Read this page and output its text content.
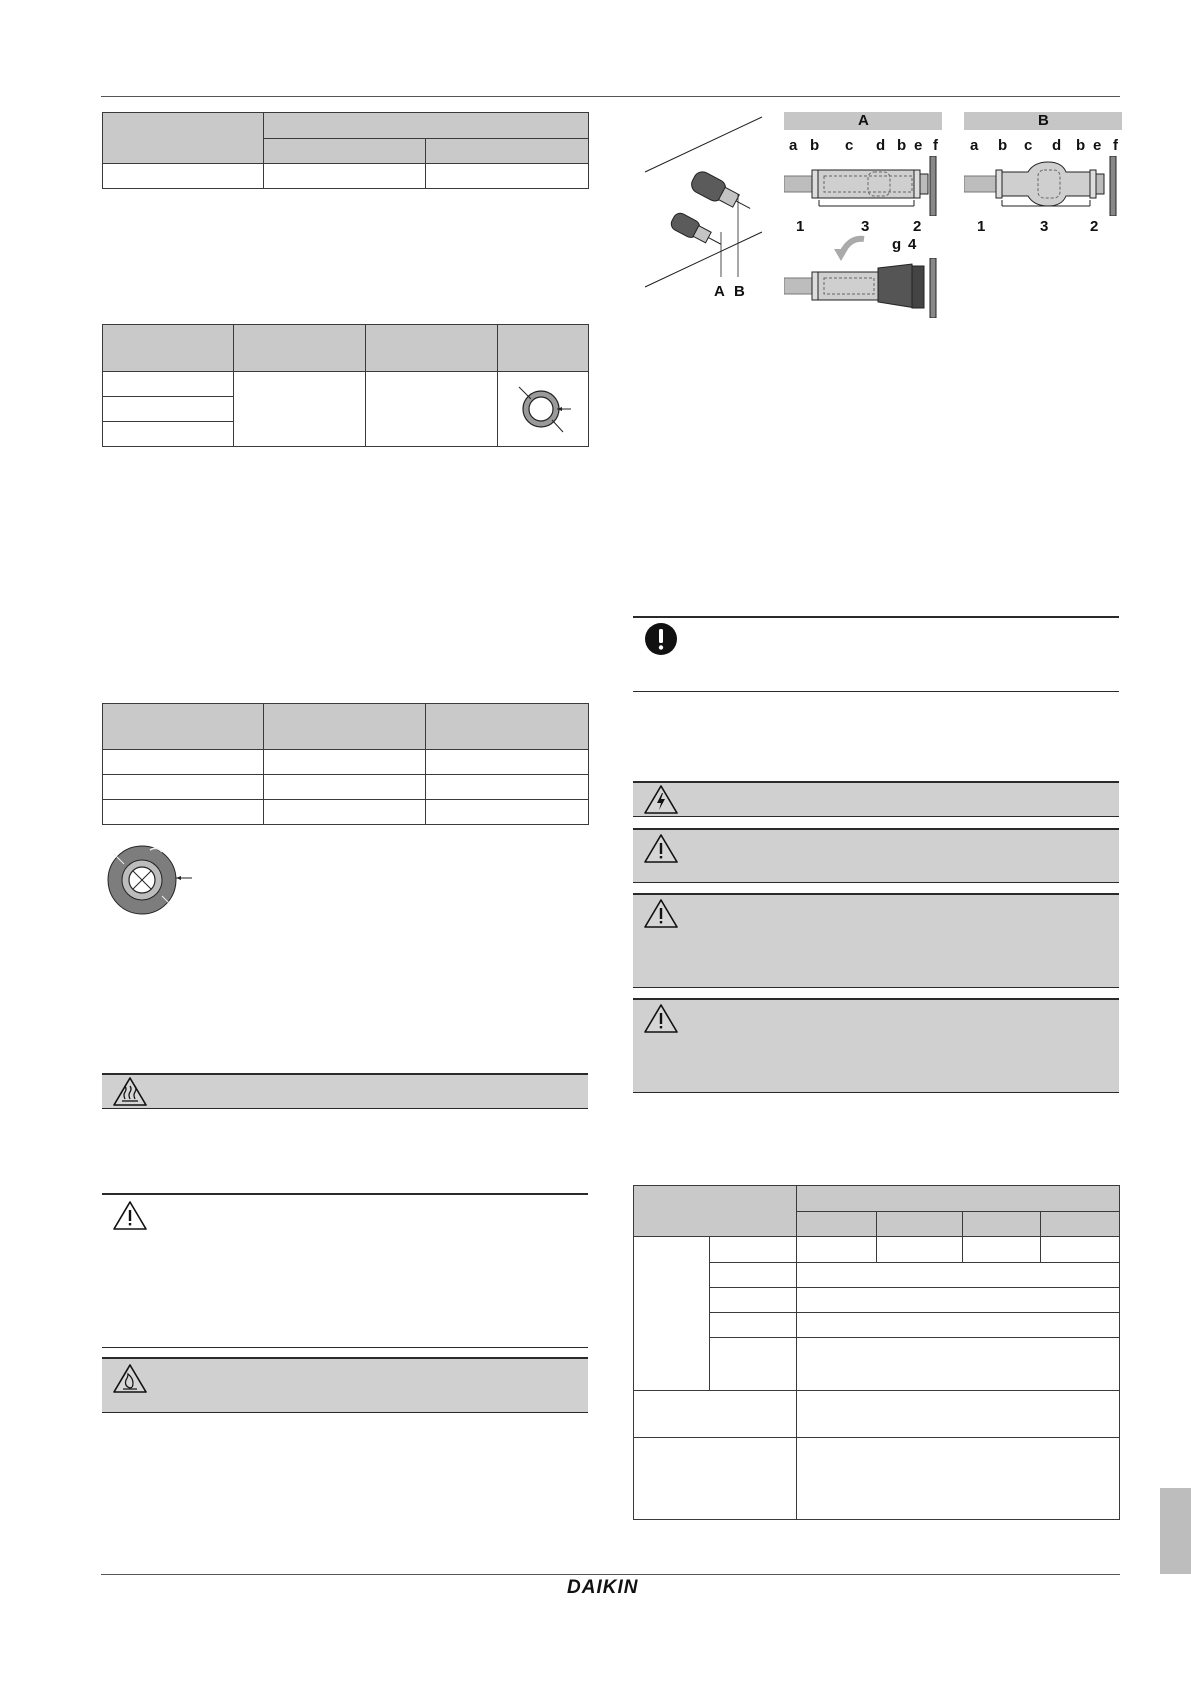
A B
A
a b c d b e f
1	3	2
g 4
B
a b c d b e f
1	3	2

DAIKIN
